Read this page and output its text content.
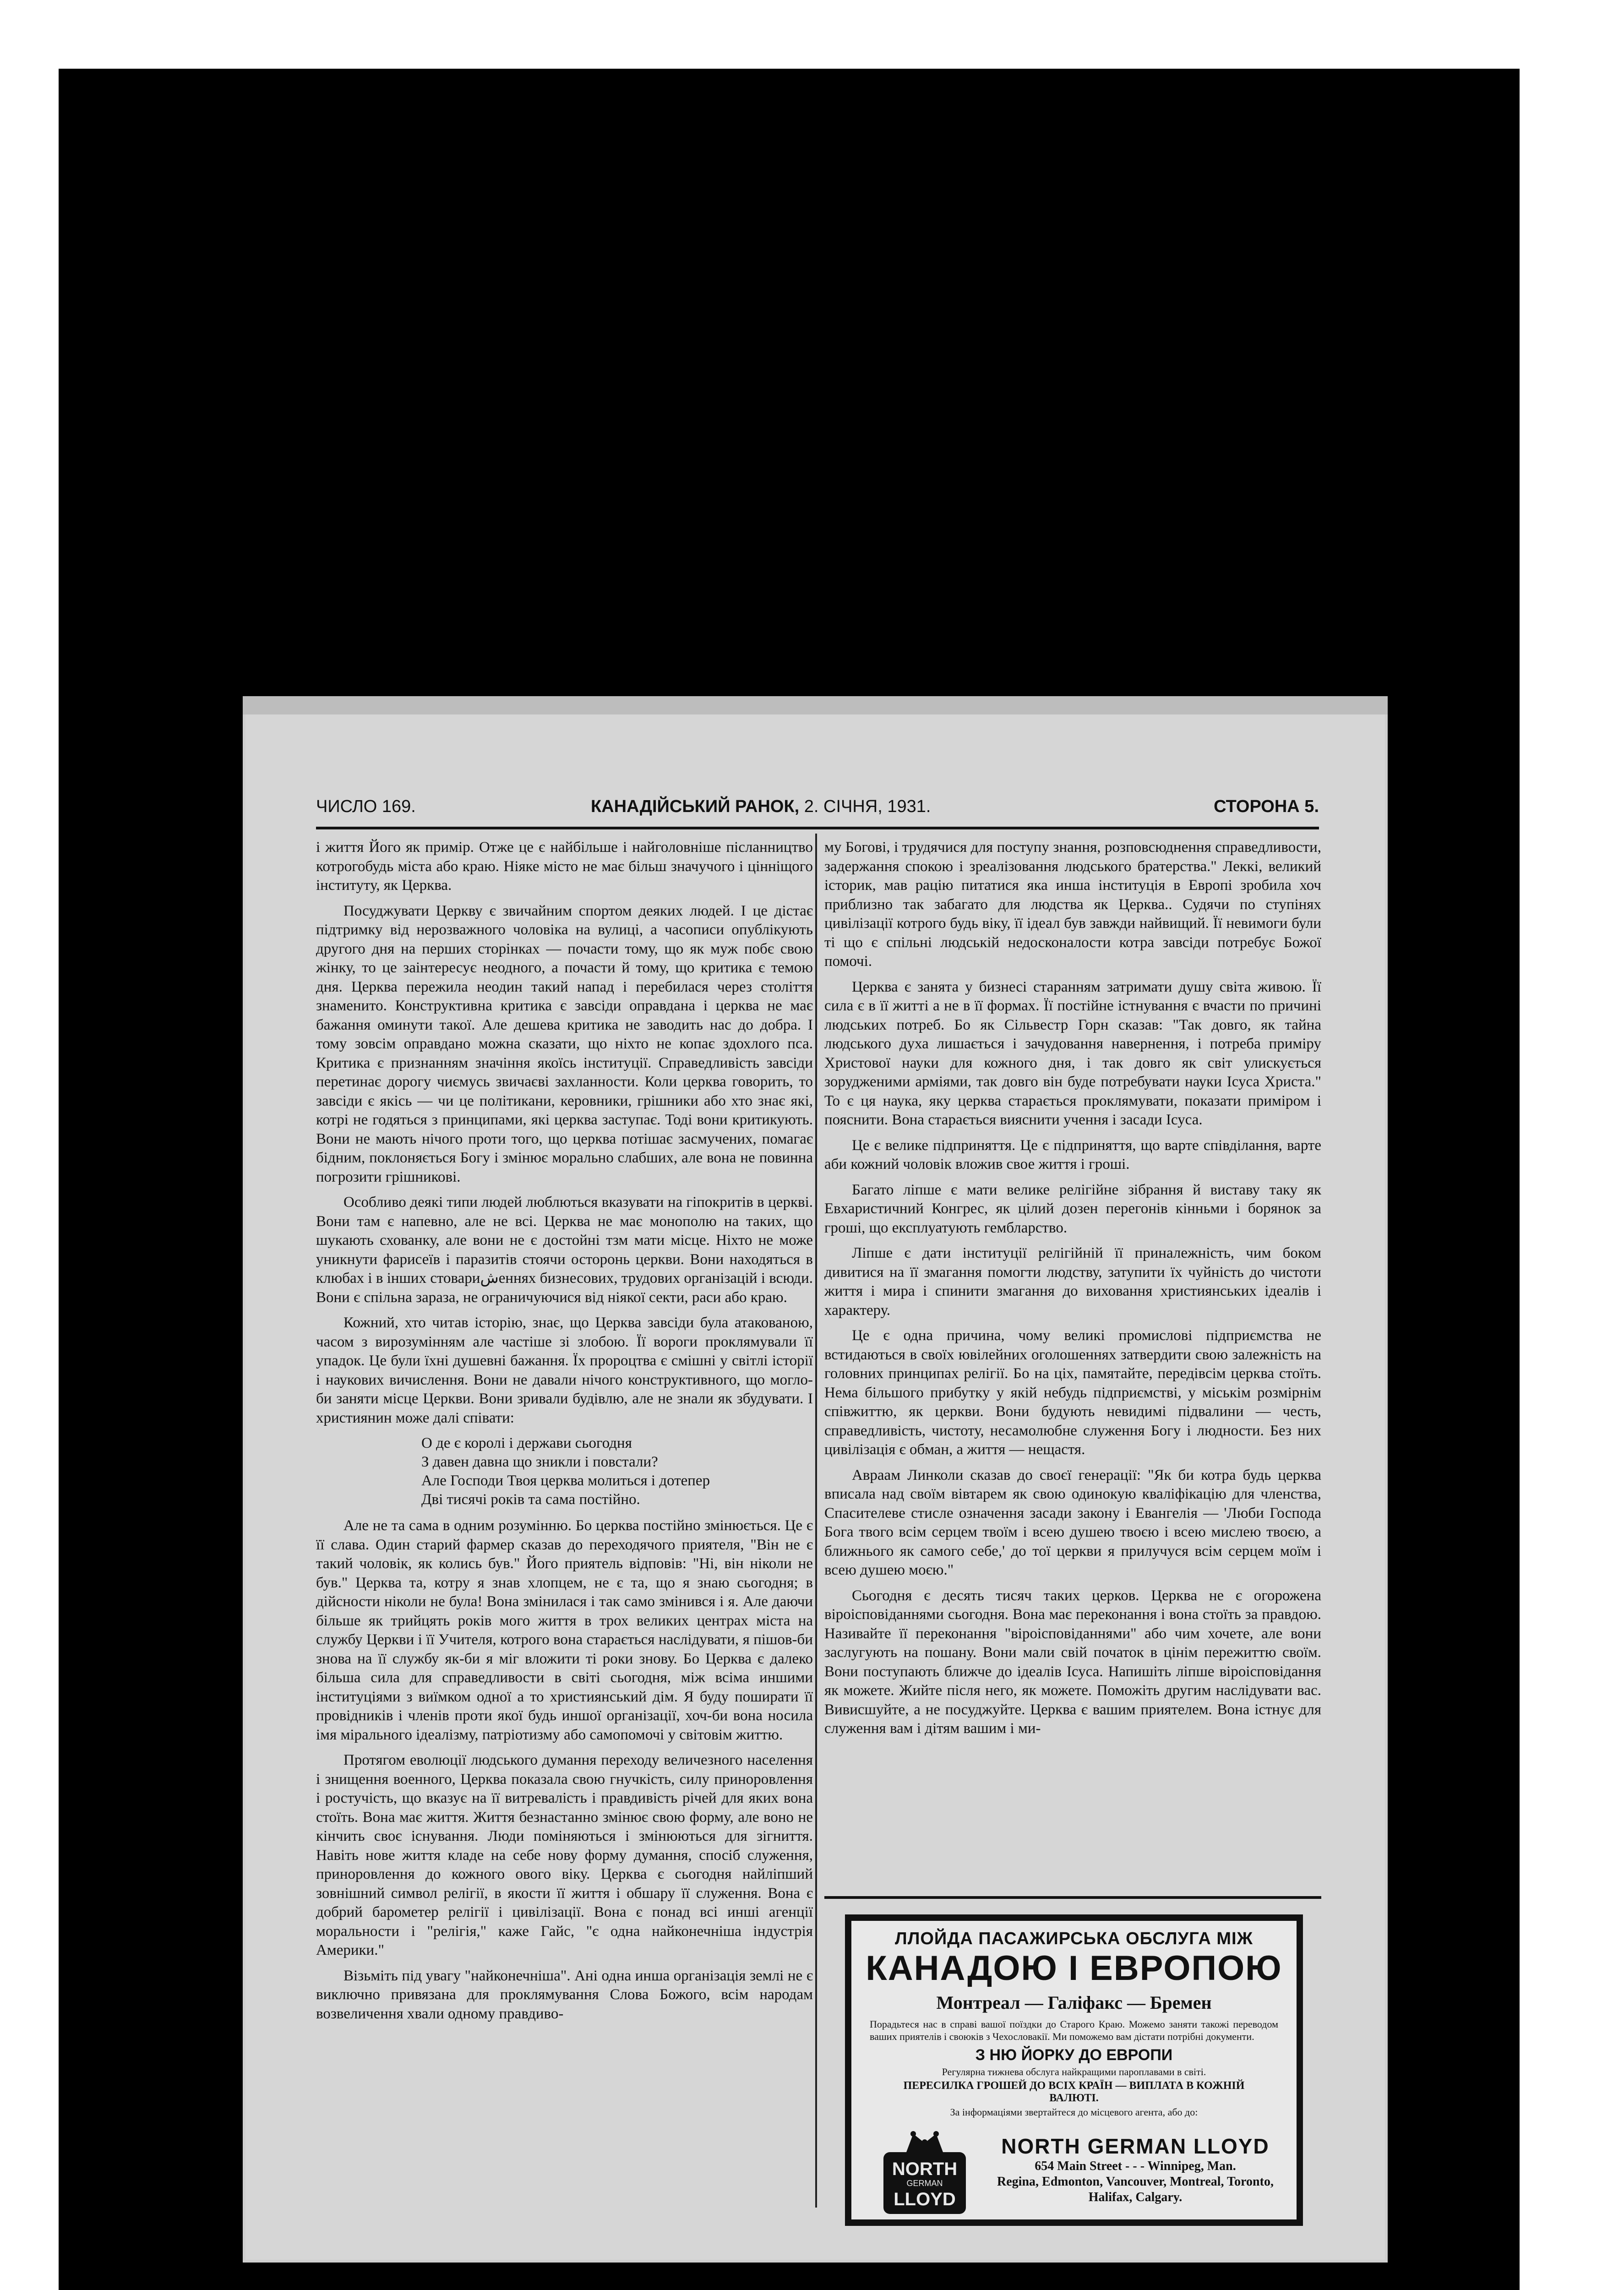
ЧИСЛО 169.	КАНАДІЙСЬКИЙ РАНОК, 2. СІЧНЯ, 1931.	СТОРОНА 5.

і життя Його як примір. Отже це є найбільше і найголовніше післанництво котрогобудь міста або краю. Ніяке місто не має більш значучого і цінніщого інституту, як Церква.

Посуджувати Церкву є звичайним спортом деяких людей. І це дістає підтримку від нерозважного чоловіка на вулиці, а часописи опублікують другого дня на перших сторінках — почасти тому, що як муж побє свою жінку, то це заінтересує неодного, а почасти й тому, що критика є темою дня. Церква пережила неодин такий напад і перебилася через століття знаменито. Конструктивна критика є завсіди оправдана і церква не має бажання оминути такої. Але дешева критика не заводить нас до добра. І тому зовсім оправдано можна сказати, що ніхто не копає здохлого пса. Критика є признанням значіння якоїсь інституції. Справедливість завсіди перетинає дорогу чиємусь звичаєві захланности. Коли церква говорить, то завсіди є якісь — чи це політикани, керовники, грішники або хто знає які, котрі не годяться з принципами, які церква заступає. Тоді вони критикують. Вони не мають нічого проти того, що церква потішає засмучених, помагає бідним, поклоняється Богу і змінює морально слабших, але вона не повинна погрозити грішникові.

Особливо деякі типи людей люблються вказувати на гіпокритів в церкві. Вони там є напевно, але не всі. Церква не має монополю на таких, що шукають схованку, але вони не є достойні тзм мати місце. Ніхто не може уникнути фарисеїв і паразитів стоячи осторонь церкви. Вони находяться в клюбах і в інших стовариشеннях бизнесових, трудових організацій і всюди. Вони є спільна зараза, не ограничуючися від ніякої секти, раси або краю.

Кожний, хто читав історію, знає, що Церква завсіди була атакованою, часом з вирозумінням але частіше зі злобою. Її вороги проклямували її упадок. Це були їхні душевні бажання. Їх пророцтва є смішні у світлі історії і наукових вичислення. Вони не давали нічого конструктивного, що могло-би заняти місце Церкви. Вони зривали будівлю, але не знали як збудувати. І християнин може далі співати:

О де є королі і держави сьогодня
З давен давна що зникли і повстали?
Але Господи Твоя церква молиться і дотепер
Дві тисячі років та сама постійно.

Але не та сама в одним розумінню. Бо церква постійно змінюється. Це є її слава. Один старий фармер сказав до переходячого приятеля, "Він не є такий чоловік, як колись був." Його приятель відповів: "Ні, він ніколи не був." Церква та, котру я знав хлопцем, не є та, що я знаю сьогодня; в дійсности ніколи не була! Вона змінилася і так само змінився і я. Але даючи більше як трийцять років мого життя в трох великих центрах міста на службу Церкви і її Учителя, котрого вона старається наслідувати, я пішов-би знова на її службу як-би я міг вложити ті роки знову. Бо Церква є далеко більша сила для справедливости в світі сьогодня, між всіма иншими інституціями з виїмком одної а то християнський дім. Я буду поширати її провідників і членів проти якої будь иншої організації, хоч-би вона носила імя мірального ідеалізму, патріотизму або самопомочі у світовім життю.

Протягом еволюції людського думання переходу величезного населення і знищення военного, Церква показала свою гнучкість, силу приноровлення і ростучість, що вказує на її витревалість і правдивість річей для яких вона стоїть. Вона має життя. Життя безнастанно змінює свою форму, але воно не кінчить своє існування. Люди поміняються і змінюються для зігниття. Навіть нове життя кладе на себе нову форму думання, спосіб служення, приноровлення до кожного ового віку. Церква є сьогодня найліпший зовнішний символ релігії, в якости її життя і обшару її служення. Вона є добрий барометер релігії і цивілізації. Вона є понад всі инші агенції моральности і "релігія," каже Гайс, "є одна найконечніша індустрія Америки."

Візьміть під увагу "найконечніша". Ані одна инша організація землі не є виключно привязана для проклямування Слова Божого, всім народам возвеличення хвали одному правдиво-

му Богові, і трудячися для поступу знання, розповсюднення справедливости, задержання спокою і зреалізовання людського братерства." Леккі, великий історик, мав рацію питатися яка инша інституція в Европі зробила хоч приблизно так забагато для людства як Церква.. Судячи по ступінях цивілізації котрого будь віку, її ідеал був завжди найвищий. Її невимоги були ті що є спільні людській недосконалости котра завсіди потребує Божої помочі.

Церква є занята у бизнесі старанням затримати душу світа живою. Її сила є в її житті а не в її формах. Її постійне істнування є вчасти по причині людських потреб. Бо як Сільвестр Горн сказав: "Так довго, як тайна людського духа лишається і зачудовання навернення, і потреба приміру Христової науки для кожного дня, і так довго як світ улискується зорудженими арміями, так довго він буде потребувати науки Ісуса Христа." То є ця наука, яку церква старається проклямувати, показати приміром і пояснити. Вона старається вияснити учення і засади Ісуса.

Це є велике підприняття. Це є підприняття, що варте співділання, варте аби кожний чоловік вложив свое життя і гроші.

Багато ліпше є мати велике релігійне зібрання й виставу таку як Евхаристичний Конгрес, як цілий дозен перегонів кінньми і борянок за гроші, що експлуатують гембларство.

Ліпше є дати інституції релігійній її приналежність, чим боком дивитися на її змагання помогти людству, затупити їх чуйність до чистоти життя і мира і спинити змагання до виховання християнських ідеалів і характеру.

Це є одна причина, чому великі промислові підприємства не встидаються в своїх ювілейних оголошеннях затвердити свою залежність на головних принципах релігії. Бо на ціх, памятайте, передівсім церква стоїть. Нема більшого прибутку у якій небудь підприємстві, у міськім розмірнім співжиттю, як церкви. Вони будують невидимі підвалини — честь, справедливість, чистоту, несамолюбне служення Богу і людности. Без них цивілізація є обман, а життя — нещастя.

Авраам Линколи сказав до своєї генерації: "Як би котра будь церква вписала над своїм вівтарем як свою одинокую кваліфікацію для членства, Спасителеве стисле означення засади закону і Евангелія — 'Люби Господа Бога твого всім серцем твоїм і всею душею твоєю і всею мислею твоєю, а ближнього як самого себе,' до тої церкви я прилучуся всім серцем моїм і всею душею моєю."

Сьогодня є десять тисяч таких церков. Церква не є огорожена віроісповіданнями сьогодня. Вона має переконання і вона стоїть за правдою. Називайте її переконання "віроісповіданнями" або чим хочете, але вони заслугують на пошану. Вони мали свій початок в цінім пережиттю своїм. Вони поступають ближче до ідеалів Ісуса. Напишіть ліпше віроісповідання як можете. Жийте після него, як можете. Поможіть другим наслідувати вас. Вивисшуйте, а не посуджуйте. Церква є вашим приятелем. Вона істнує для служення вам і дітям вашим і ми-

ЛЛОЙДА ПАСАЖИРСЬКА ОБСЛУГА МІЖ
КАНАДОЮ І ЕВРОПОЮ
Монтреал — Галіфакс — Бремен
Порадьтеся нас в справі вашої поїздки до Старого Краю. Можемо заняти такожі переводом ваших приятелів і своюків з Чехословакії. Ми поможемо вам дістати потрібні документи.
З НЮ ЙОРКУ ДО ЕВРОПИ
Регулярна тижнева обслуга найкращими пароплавами в світі.
ПЕРЕСИЛКА ГРОШЕЙ ДО ВСІХ КРАЇН — ВИПЛАТА В КОЖНІЙ ВАЛЮТІ.
За інформаціями звертайтеся до місцевого агента, або до:
NORTH
GERMAN
LLOYD
NORTH GERMAN LLOYD
654 Main Street - - - Winnipeg, Man.
Regina, Edmonton, Vancouver, Montreal, Toronto, Halifax, Calgary.
